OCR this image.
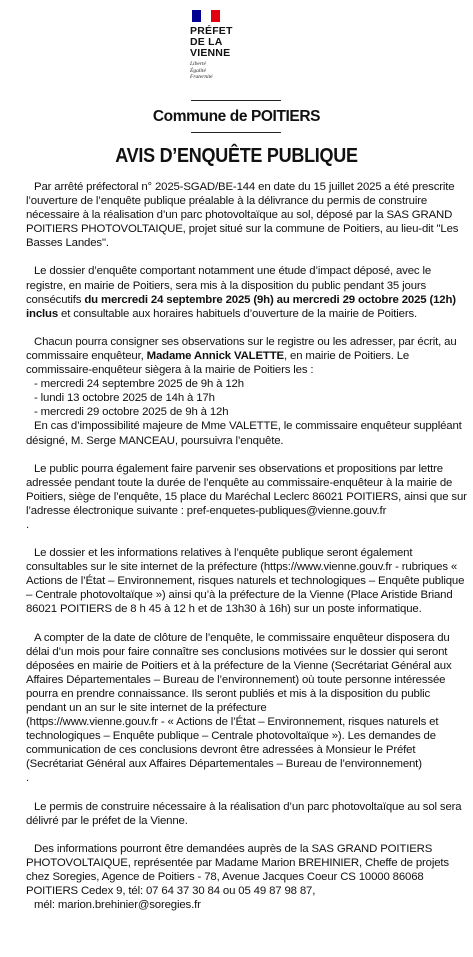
PRÉFET
DE LA VIENNE
Liberté
Égalité
Fraternité
Commune de POITIERS
AVIS D’ENQUÊTE PUBLIQUE

Par arrêté préfectoral n° 2025-SGAD/BE-144 en date du 15 juillet 2025 a été prescrite l’ouverture de l’enquête publique préalable à la délivrance du permis de construire nécessaire à la réalisation d’un parc photovoltaïque au sol, déposé par la SAS GRAND POITIERS PHOTOVOLTAIQUE, projet situé sur la commune de Poitiers, au lieu-dit "Les Basses Landes".

Le dossier d’enquête comportant notamment une étude d’impact déposé, avec le registre, en mairie de Poitiers, sera mis à la disposition du public pendant 35 jours consécutifs du mercredi 24 septembre 2025 (9h) au mercredi 29 octobre 2025 (12h) inclus et consultable aux horaires habituels d’ouverture de la mairie de Poitiers.

Chacun pourra consigner ses observations sur le registre ou les adresser, par écrit, au commissaire enquêteur, Madame Annick VALETTE, en mairie de Poitiers. Le commissaire-enquêteur siègera à la mairie de Poitiers les :
- mercredi 24 septembre 2025 de 9h à 12h
- lundi 13 octobre 2025 de 14h à 17h
- mercredi 29 octobre 2025 de 9h à 12h
En cas d’impossibilité majeure de Mme VALETTE, le commissaire enquêteur suppléant désigné, M. Serge MANCEAU, poursuivra l’enquête.

Le public pourra également faire parvenir ses observations et propositions par lettre adressée pendant toute la durée de l’enquête au commissaire-enquêteur à la mairie de Poitiers, siège de l’enquête, 15 place du Maréchal Leclerc 86021 POITIERS, ainsi que sur l’adresse électronique suivante : pref-enquetes-publiques@vienne.gouv.fr
.

Le dossier et les informations relatives à l’enquête publique seront également consultables sur le site internet de la préfecture (https://www.vienne.gouv.fr - rubriques « Actions de l’État – Environnement, risques naturels et technologiques – Enquête publique – Centrale photovoltaïque ») ainsi qu’à la préfecture de la Vienne (Place Aristide Briand 86021 POITIERS de 8 h 45 à 12 h et de 13h30 à 16h) sur un poste informatique.

A compter de la date de clôture de l’enquête, le commissaire enquêteur disposera du délai d’un mois pour faire connaître ses conclusions motivées sur le dossier qui seront déposées en mairie de Poitiers et à la préfecture de la Vienne (Secrétariat Général aux Affaires Départementales – Bureau de l’environnement) où toute personne intéressée pourra en prendre connaissance. Ils seront publiés et mis à la disposition du public pendant un an sur le site internet de la préfecture
(https://www.vienne.gouv.fr - « Actions de l’État – Environnement, risques naturels et technologiques – Enquête publique – Centrale photovoltaïque »). Les demandes de communication de ces conclusions devront être adressées à Monsieur le Préfet (Secrétariat Général aux Affaires Départementales – Bureau de l’environnement)
.

Le permis de construire nécessaire à la réalisation d’un parc photovoltaïque au sol sera délivré par le préfet de la Vienne.

Des informations pourront être demandées auprès de la SAS GRAND POITIERS PHOTOVOLTAIQUE, représentée par Madame Marion BREHINIER, Cheffe de projets chez Soregies, Agence de Poitiers - 78, Avenue Jacques Coeur CS 10000 86068 POITIERS Cedex 9, tél: 07 64 37 30 84 ou 05 49 87 98 87,
mél: marion.brehinier@soregies.fr
